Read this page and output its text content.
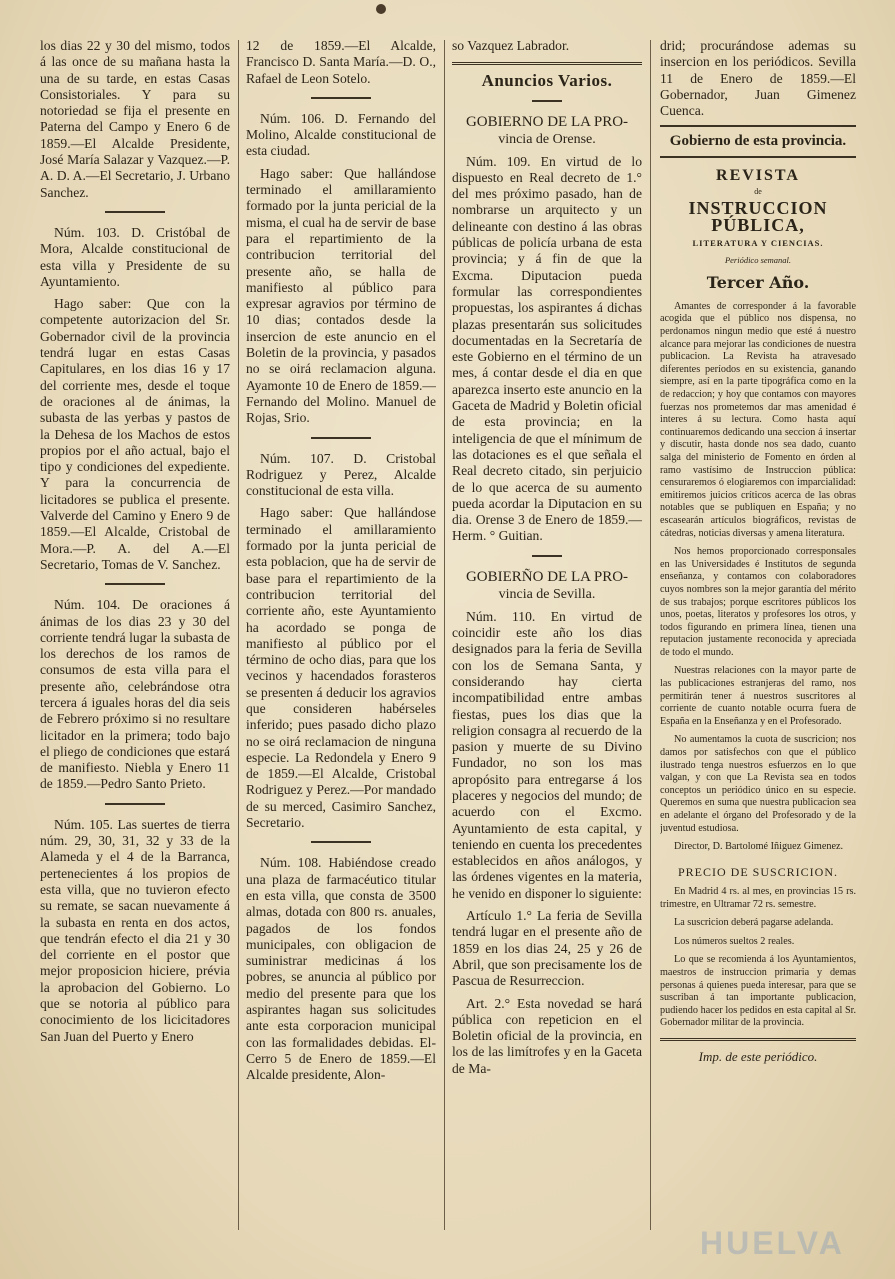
los dias 22 y 30 del mismo, todos á las once de su mañana hasta la una de su tarde, en estas Casas Consistoriales. Y para su notoriedad se fija el presente en Paterna del Campo y Enero 6 de 1859.—El Alcalde Presidente, José María Salazar y Vazquez.—P. A. D. A.—El Secretario, J. Urbano Sanchez.

Núm. 103. D. Cristóbal de Mora, Alcalde constitucional de esta villa y Presidente de su Ayuntamiento.

Hago saber: Que con la competente autorizacion del Sr. Gobernador civil de la provincia tendrá lugar en estas Casas Capitulares, en los dias 16 y 17 del corriente mes, desde el toque de oraciones al de ánimas, la subasta de las yerbas y pastos de la Dehesa de los Machos de estos propios por el año actual, bajo el tipo y condiciones del expediente. Y para la concurrencia de licitadores se publica el presente. Valverde del Camino y Enero 9 de 1859.—El Alcalde, Cristobal de Mora.—P. A. del A.—El Secretario, Tomas de V. Sanchez.

Núm. 104. De oraciones á ánimas de los dias 23 y 30 del corriente tendrá lugar la subasta de los derechos de los ramos de consumos de esta villa para el presente año, celebrándose otra tercera á iguales horas del dia seis de Febrero próximo si no resultare licitador en la primera; todo bajo el pliego de condiciones que estará de manifiesto. Niebla y Enero 11 de 1859.—Pedro Santo Prieto.

Núm. 105. Las suertes de tierra núm. 29, 30, 31, 32 y 33 de la Alameda y el 4 de la Barranca, pertenecientes á los propios de esta villa, que no tuvieron efecto su remate, se sacan nuevamente á la subasta en renta en dos actos, que tendrán efecto el dia 21 y 30 del corriente en el postor que mejor proposicion hiciere, prévia la aprobacion del Gobierno. Lo que se notoria al público para conocimiento de los licicitadores San Juan del Puerto y Enero

12 de 1859.—El Alcalde, Francisco D. Santa María.—D. O., Rafael de Leon Sotelo.

Núm. 106. D. Fernando del Molino, Alcalde constitucional de esta ciudad.

Hago saber: Que hallándose terminado el amillaramiento formado por la junta pericial de la misma, el cual ha de servir de base para el repartimiento de la contribucion territorial del presente año, se halla de manifiesto al público para expresar agravios por término de 10 dias; contados desde la insercion de este anuncio en el Boletin de la provincia, y pasados no se oirá reclamacion alguna. Ayamonte 10 de Enero de 1859.—Fernando del Molino. Manuel de Rojas, Srio.

Núm. 107. D. Cristobal Rodriguez y Perez, Alcalde constitucional de esta villa.

Hago saber: Que hallándose terminado el amillaramiento formado por la junta pericial de esta poblacion, que ha de servir de base para el repartimiento de la contribucion territorial del corriente año, este Ayuntamiento ha acordado se ponga de manifiesto al público por el término de ocho dias, para que los vecinos y hacendados forasteros se presenten á deducir los agravios que consideren habérseles inferido; pues pasado dicho plazo no se oirá reclamacion de ninguna especie. La Redondela y Enero 9 de 1859.—El Alcalde, Cristobal Rodriguez y Perez.—Por mandado de su merced, Casimiro Sanchez, Secretario.

Núm. 108. Habiéndose creado una plaza de farmacéutico titular en esta villa, que consta de 3500 almas, dotada con 800 rs. anuales, pagados de los fondos municipales, con obligacion de suministrar medicinas á los pobres, se anuncia al público por medio del presente para que los aspirantes hagan sus solicitudes ante esta corporacion municipal con las formalidades debidas. El-Cerro 5 de Enero de 1859.—El Alcalde presidente, Alon-

so Vazquez Labrador.

Anuncios Varios.
GOBIERNO DE LA PRO-
vincia de Orense.

Núm. 109. En virtud de lo dispuesto en Real decreto de 1.° del mes próximo pasado, han de nombrarse un arquitecto y un delineante con destino á las obras públicas de policía urbana de esta provincia; y á fin de que la Excma. Diputacion pueda formular las correspondientes propuestas, los aspirantes á dichas plazas presentarán sus solicitudes documentadas en la Secretaría de este Gobierno en el término de un mes, á contar desde el dia en que aparezca inserto este anuncio en la Gaceta de Madrid y Boletin oficial de esta provincia; en la inteligencia de que el mínimum de las dotaciones es el que señala el Real decreto citado, sin perjuicio de lo que acerca de su aumento pueda acordar la Diputacion en su dia. Orense 3 de Enero de 1859.—Herm. ° Guitian.

GOBIERÑO DE LA PRO-
vincia de Sevilla.

Núm. 110. En virtud de coincidir este año los dias designados para la feria de Sevilla con los de Semana Santa, y considerando hay cierta incompatibilidad entre ambas fiestas, pues los dias que la religion consagra al recuerdo de la pasion y muerte de su Divino Fundador, no son los mas apropósito para entregarse á los placeres y negocios del mundo; de acuerdo con el Excmo. Ayuntamiento de esta capital, y teniendo en cuenta los precedentes establecidos en años análogos, y las órdenes vigentes en la materia, he venido en disponer lo siguiente:

Artículo 1.° La feria de Sevilla tendrá lugar en el presente año de 1859 en los dias 24, 25 y 26 de Abril, que son precisamente los de Pascua de Resurreccion.

Art. 2.° Esta novedad se hará pública con repeticion en el Boletin oficial de la provincia, en los de las limítrofes y en la Gaceta de Ma-

drid; procurándose ademas su insercion en los periódicos. Sevilla 11 de Enero de 1859.—El Gobernador, Juan Gimenez Cuenca.

Gobierno de esta provincia.
REVISTA
de
INSTRUCCION PÚBLICA,
LITERATURA Y CIENCIAS.
Periódico semanal.
Tercer Año.

Amantes de corresponder á la favorable acogida que el público nos dispensa, no perdonamos ningun medio que esté á nuestro alcance para mejorar las condiciones de nuestra publicacion. La Revista ha atravesado diferentes períodos en su existencia, ganando siempre, así en la parte tipográfica como en la de redaccion; y hoy que contamos con mayores fuerzas nos prometemos dar mas amenidad é interes á su lectura. Como hasta aquí continuaremos dedicando una seccion á insertar y discutir, hasta donde nos sea dado, cuanto salga del ministerio de Fomento en órden al ramo vastísimo de Instruccion pública: censuraremos ó elogiaremos con imparcialidad: emitiremos juicios críticos acerca de las obras notables que se publiquen en España; y no escasearán artículos biográficos, revistas de cátedras, noticias diversas y amena literatura.

Nos hemos proporcionado corresponsales en las Universidades é Institutos de segunda enseñanza, y contamos con colaboradores cuyos nombres son la mejor garantía del mérito de sus trabajos; porque escritores públicos los unos, poetas, literatos y profesores los otros, y todos figurando en primera línea, tienen una reputacion justamente reconocida y apreciada de todo el mundo.

Nuestras relaciones con la mayor parte de las publicaciones estranjeras del ramo, nos permitirán tener á nuestros suscritores al corriente de cuanto notable ocurra fuera de España en la Enseñanza y en el Profesorado.

No aumentamos la cuota de suscricion; nos damos por satisfechos con que el público ilustrado tenga nuestros esfuerzos en lo que valgan, y con que La Revista sea en todos conceptos un periódico único en su especie. Queremos en suma que nuestra publicacion sea en adelante el órgano del Profesorado y de la juventud estudiosa.

Director, D. Bartolomé Iñiguez Gimenez.

PRECIO DE SUSCRICION.

En Madrid 4 rs. al mes, en provincias 15 rs. trimestre, en Ultramar 72 rs. semestre.

La suscricion deberá pagarse adelanda.

Los números sueltos 2 reales.

Lo que se recomienda á los Ayuntamientos, maestros de instruccion primaria y demas personas á quienes pueda interesar, para que se suscriban á tan importante publicacion, pudiendo hacer los pedidos en esta capital al Sr. Gobernador militar de la provincia.

Imp. de este periódico.
HUELVA
